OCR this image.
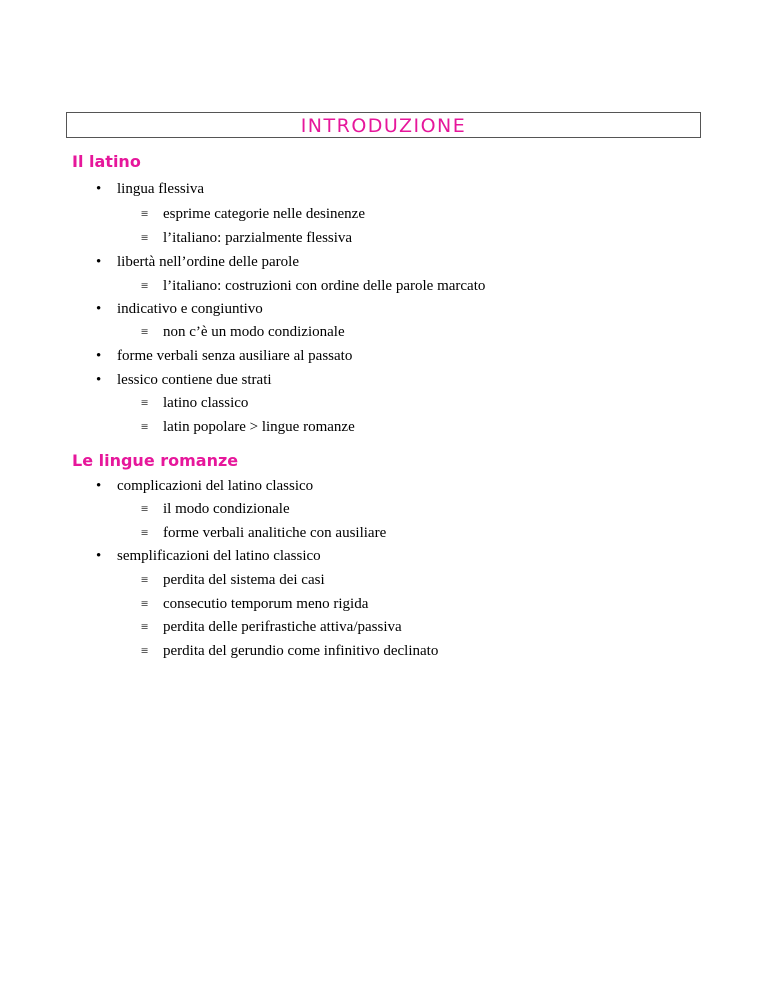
INTRODUZIONE
Il latino
• lingua flessiva
≡ esprime categorie nelle desinenze
≡ l’italiano: parzialmente flessiva
• libertà nell’ordine delle parole
≡ l’italiano: costruzioni con ordine delle parole marcato
• indicativo e congiuntivo
≡ non c’è un modo condizionale
• forme verbali senza ausiliare al passato
• lessico contiene due strati
≡ latino classico
≡ latin popolare > lingue romanze
Le lingue romanze
• complicazioni del latino classico
≡ il modo condizionale
≡ forme verbali analitiche con ausiliare
• semplificazioni del latino classico
≡ perdita del sistema dei casi
≡ consecutio temporum meno rigida
≡ perdita delle perifrastiche attiva/passiva
≡ perdita del gerundio come infinitivo declinato
